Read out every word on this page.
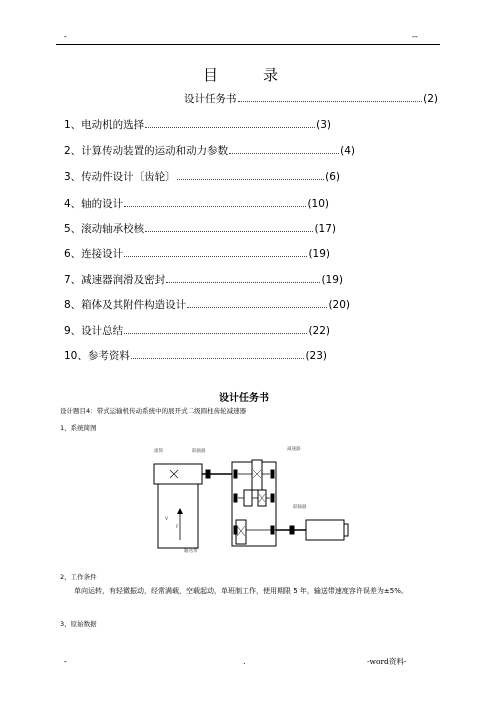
-	--
目　　　录
设计任务书	(2)
1、电动机的选择	(3)
2、计算传动装置的运动和动力参数	(4)
3、传动件设计〔齿轮〕	(6)
4、轴的设计	(10)
5、滚动轴承校核	(17)
6、连接设计	(19)
7、减速器润滑及密封	(19)
8、箱体及其附件构造设计	(20)
9、设计总结	(22)
10、参考资料	(23)
设计任务书
设计题目4：带式运输机传动系统中的展开式二级圆柱齿轮减速器
1、系统简图
滚筒	联轴器	减速器
联轴器
输送带
V
F
2、工作条件
单向运转，有轻微振动，经常满载，空载起动，单班制工作，使用期限 5 年，输送带速度容许误差为±5%。
3、原始数据
-	.	-word资料-
